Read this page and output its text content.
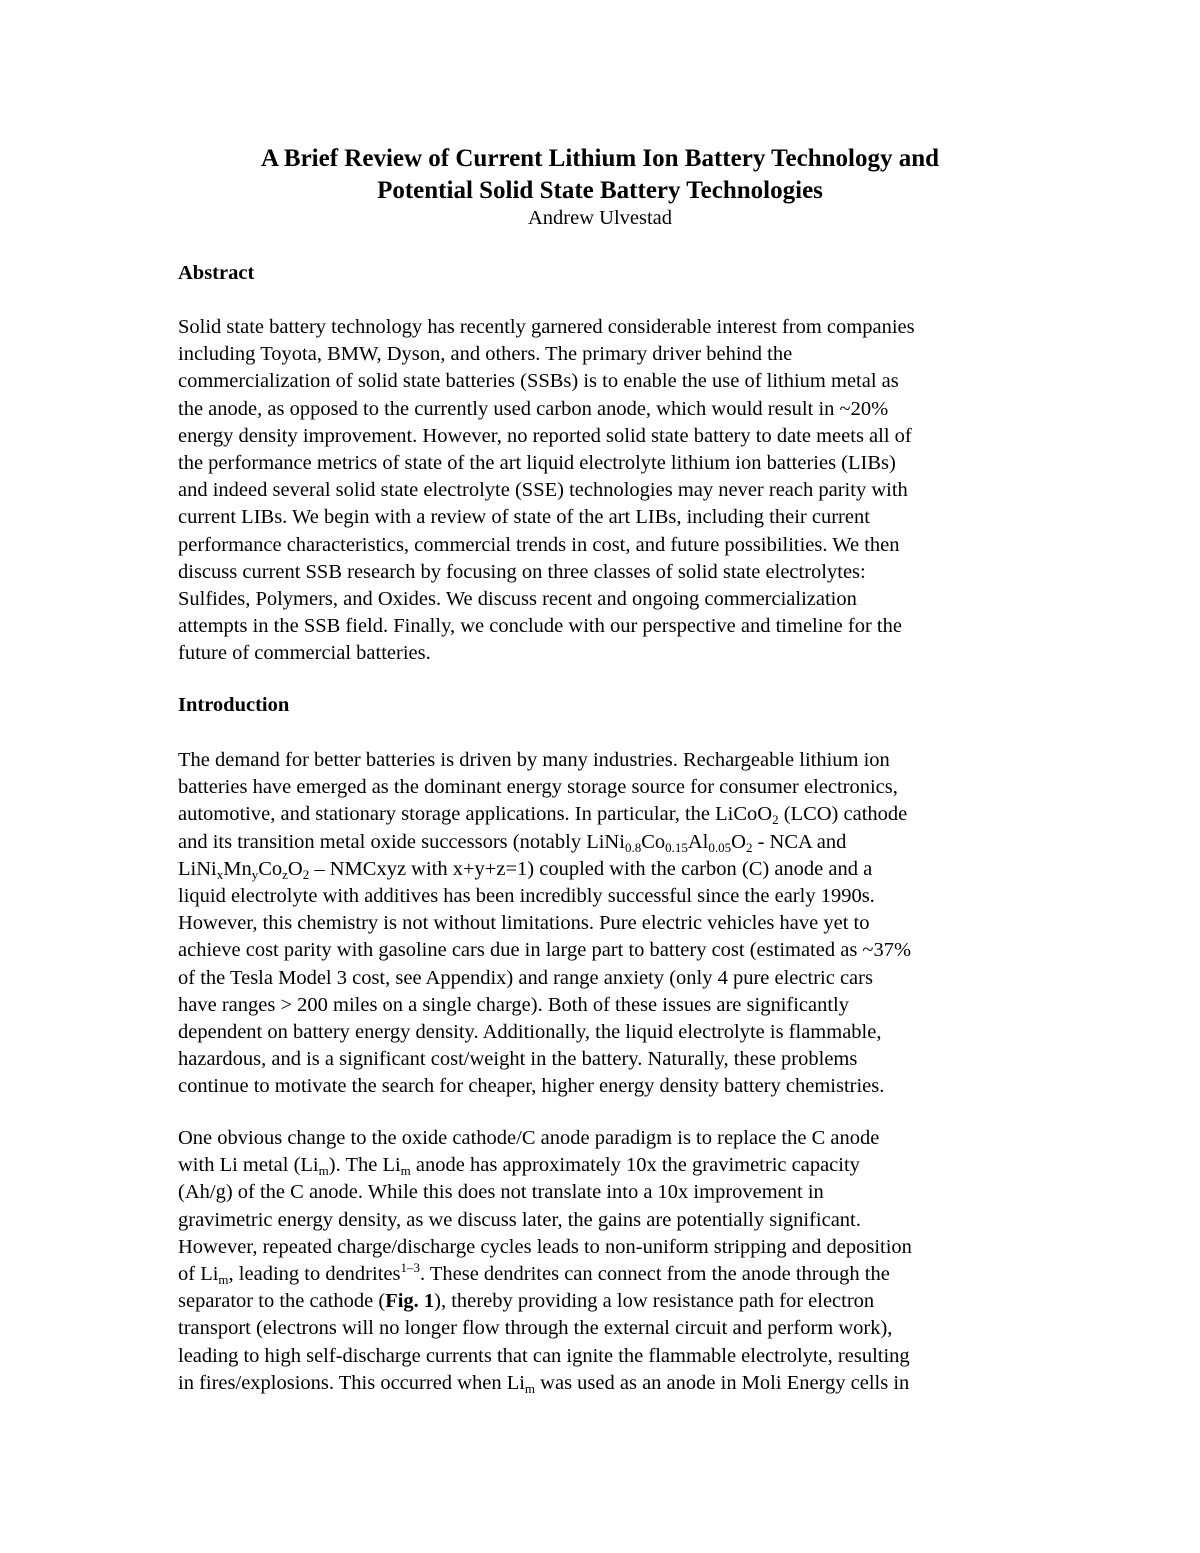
A Brief Review of Current Lithium Ion Battery Technology and
Potential Solid State Battery Technologies
Andrew Ulvestad
Abstract
Solid state battery technology has recently garnered considerable interest from companies
including Toyota, BMW, Dyson, and others. The primary driver behind the
commercialization of solid state batteries (SSBs) is to enable the use of lithium metal as
the anode, as opposed to the currently used carbon anode, which would result in ~20%
energy density improvement. However, no reported solid state battery to date meets all of
the performance metrics of state of the art liquid electrolyte lithium ion batteries (LIBs)
and indeed several solid state electrolyte (SSE) technologies may never reach parity with
current LIBs. We begin with a review of state of the art LIBs, including their current
performance characteristics, commercial trends in cost, and future possibilities. We then
discuss current SSB research by focusing on three classes of solid state electrolytes:
Sulfides, Polymers, and Oxides. We discuss recent and ongoing commercialization
attempts in the SSB field. Finally, we conclude with our perspective and timeline for the
future of commercial batteries.
Introduction
The demand for better batteries is driven by many industries. Rechargeable lithium ion
batteries have emerged as the dominant energy storage source for consumer electronics,
automotive, and stationary storage applications. In particular, the LiCoO$_2$ (LCO) cathode
and its transition metal oxide successors (notably $LiNi_{0.8}Co_{0.15}Al_{0.05}O_2$ - NCA and
$LiNi_xMn_yCo_zO_2$ – NMCxyz with x+y+z=1) coupled with the carbon (C) anode and a
liquid electrolyte with additives has been incredibly successful since the early 1990s.
However, this chemistry is not without limitations. Pure electric vehicles have yet to
achieve cost parity with gasoline cars due in large part to battery cost (estimated as ~37%
of the Tesla Model 3 cost, see Appendix) and range anxiety (only 4 pure electric cars
have ranges > 200 miles on a single charge). Both of these issues are significantly
dependent on battery energy density. Additionally, the liquid electrolyte is flammable,
hazardous, and is a significant cost/weight in the battery. Naturally, these problems
continue to motivate the search for cheaper, higher energy density battery chemistries.
One obvious change to the oxide cathode/C anode paradigm is to replace the C anode
with Li metal $(Li_m)$. The $Li_m$ anode has approximately 10x the gravimetric capacity
(Ah/g) of the C anode. While this does not translate into a 10x improvement in
gravimetric energy density, as we discuss later, the gains are potentially significant.
However, repeated charge/discharge cycles leads to non-uniform stripping and deposition
of $Li_m$, leading to dendrites$^{1-3}$. These dendrites can connect from the anode through the
separator to the cathode (Fig. 1), thereby providing a low resistance path for electron
transport (electrons will no longer flow through the external circuit and perform work),
leading to high self-discharge currents that can ignite the flammable electrolyte, resulting
in fires/explosions. This occurred when $Li_m$ was used as an anode in Moli Energy cells in
